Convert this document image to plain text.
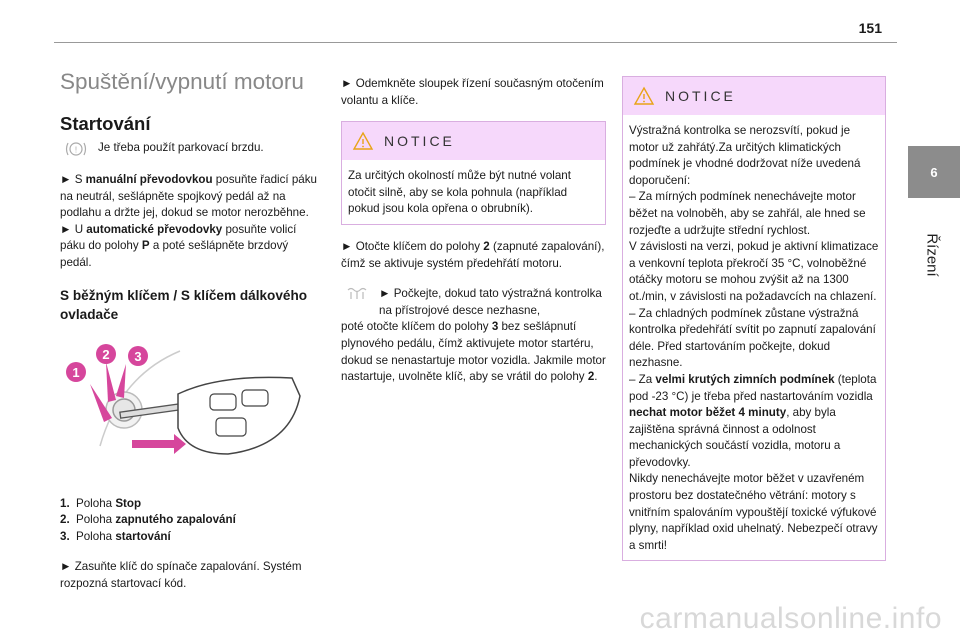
151
6
Řízení
Spuštění/vypnutí motoru
Startování
! Je třeba použít parkovací brzdu.

► S manuální převodovkou posuňte řadicí páku na neutrál, sešlápněte spojkový pedál až na podlahu a držte jej, dokud se motor nerozběhne.

► U automatické převodovky posuňte volicí páku do polohy P a poté sešlápněte brzdový pedál.

S běžným klíčem / S klíčem dálkového ovladače
1
2 3
1. Poloha Stop
2. Poloha zapnutého zapalování
3. Poloha startování

► Zasuňte klíč do spínače zapalování. Systém rozpozná startovací kód.

► Odemkněte sloupek řízení současným otočením volantu a klíče.

NOTICE

Za určitých okolností může být nutné volant otočit silně, aby se kola pohnula (například pokud jsou kola opřena o obrubník).

► Otočte klíčem do polohy 2 (zapnuté zapalování), čímž se aktivuje systém předehřátí motoru.

► Počkejte, dokud tato výstražná kontrolka na přístrojové desce nezhasne,

poté otočte klíčem do polohy 3 bez sešlápnutí plynového pedálu, čímž aktivujete motor startéru, dokud se nenastartuje motor vozidla. Jakmile motor nastartuje, uvolněte klíč, aby se vrátil do polohy 2.

NOTICE

Výstražná kontrolka se nerozsvítí, pokud je motor už zahřátý.Za určitých klimatických podmínek je vhodné dodržovat níže uvedená doporučení:

– Za mírných podmínek nenechávejte motor běžet na volnoběh, aby se zahřál, ale hned se rozjeďte a udržujte střední rychlost.

V závislosti na verzi, pokud je aktivní klimatizace a venkovní teplota překročí 35 °C, volnoběžné otáčky motoru se mohou zvýšit až na 1300 ot./min, v závislosti na požadavcích na chlazení.

– Za chladných podmínek zůstane výstražná kontrolka předehřátí svítit po zapnutí zapalování déle. Před startováním počkejte, dokud nezhasne.

– Za velmi krutých zimních podmínek (teplota pod -23 °C) je třeba před nastartováním vozidla nechat motor běžet 4 minuty, aby byla zajištěna správná činnost a odolnost mechanických součástí vozidla, motoru a převodovky.

Nikdy nenechávejte motor běžet v uzavřeném prostoru bez dostatečného větrání: motory s vnitřním spalováním vypouštějí toxické výfukové plyny, například oxid uhelnatý. Nebezpečí otravy a smrti!

carmanualsonline.info
